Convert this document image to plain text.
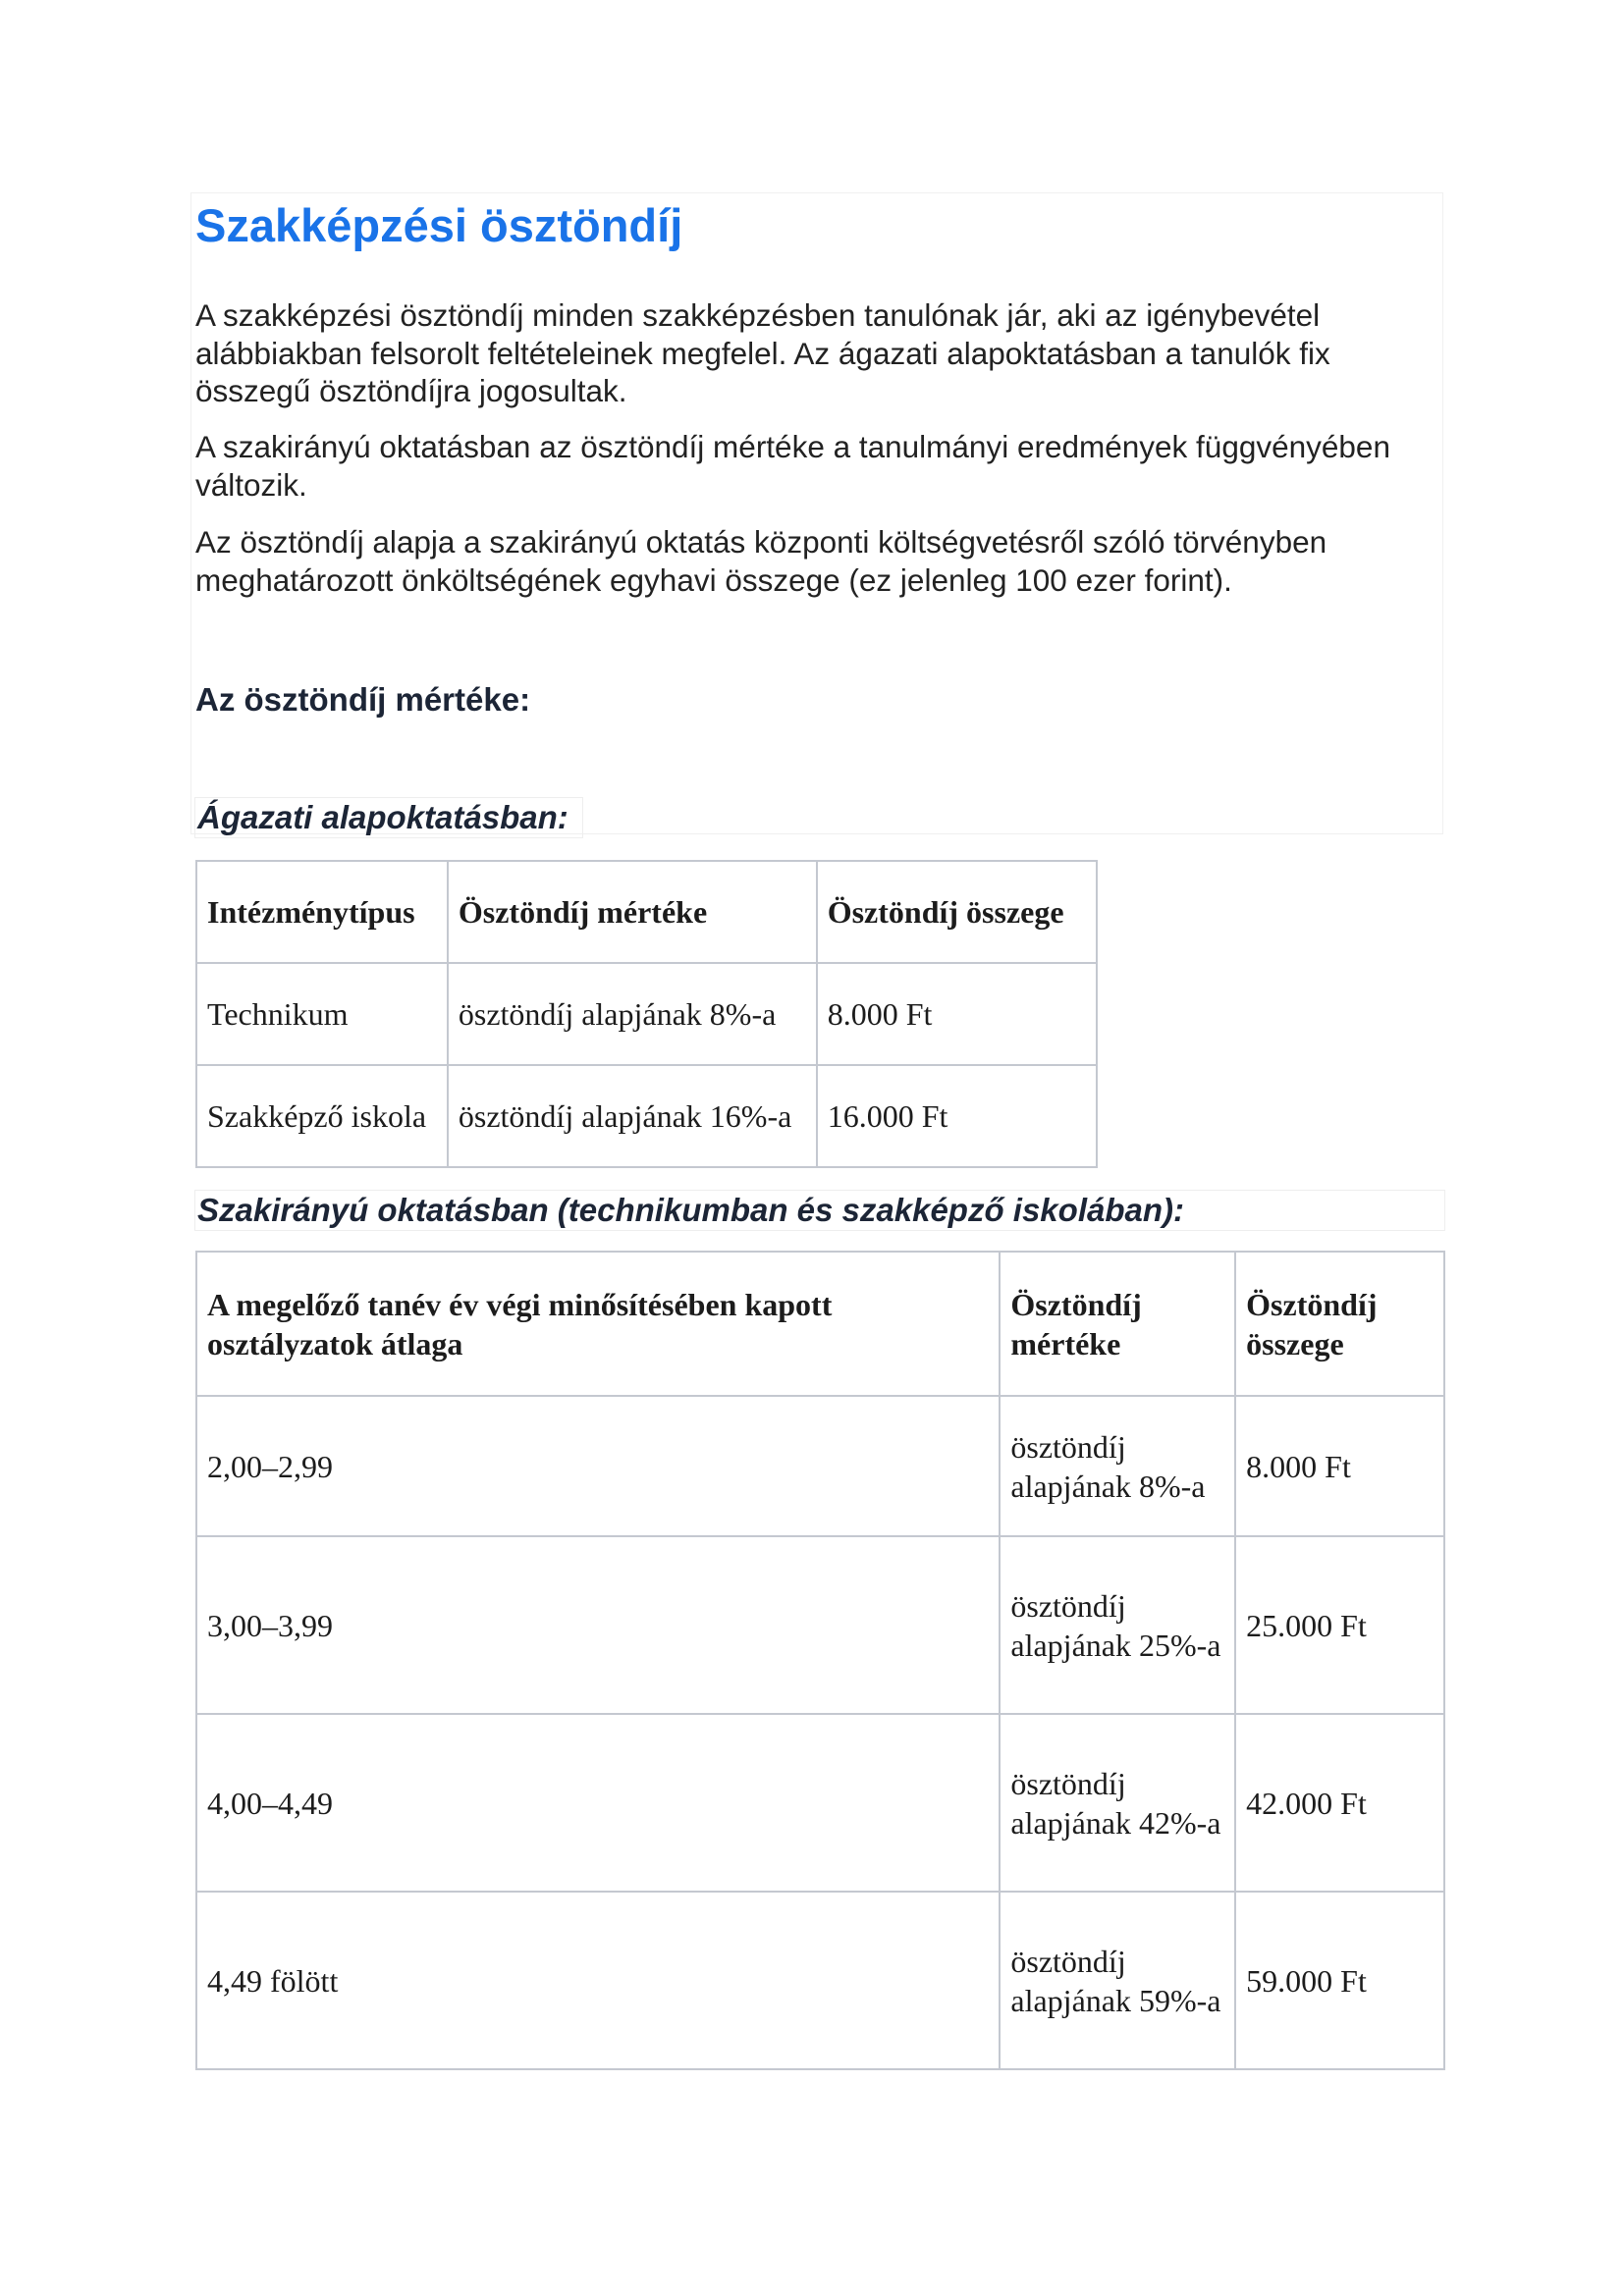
Szakképzési ösztöndíj

A szakképzési ösztöndíj minden szakképzésben tanulónak jár, aki az igénybevétel alábbiakban felsorolt feltételeinek megfelel. Az ágazati alapoktatásban a tanulók fix összegű ösztöndíjra jogosultak.

A szakirányú oktatásban az ösztöndíj mértéke a tanulmányi eredmények függvényében változik.

Az ösztöndíj alapja a szakirányú oktatás központi költségvetésről szóló törvényben meghatározott önköltségének egyhavi összege (ez jelenleg 100 ezer forint).

Az ösztöndíj mértéke:
Ágazati alapoktatásban:
Intézménytípus	Ösztöndíj mértéke	Ösztöndíj összege
Technikum	ösztöndíj alapjának 8%-a	8.000 Ft
Szakképző iskola	ösztöndíj alapjának 16%-a	16.000 Ft
Szakirányú oktatásban (technikumban és szakképző iskolában):
A megelőző tanév év végi minősítésében kapott osztályzatok átlaga	Ösztöndíj mértéke	Ösztöndíj összege
2,00–2,99	ösztöndíj alapjának 8%-a	8.000 Ft
3,00–3,99	ösztöndíj alapjának 25%-a	25.000 Ft
4,00–4,49	ösztöndíj alapjának 42%-a	42.000 Ft
4,49 fölött	ösztöndíj alapjának 59%-a	59.000 Ft
